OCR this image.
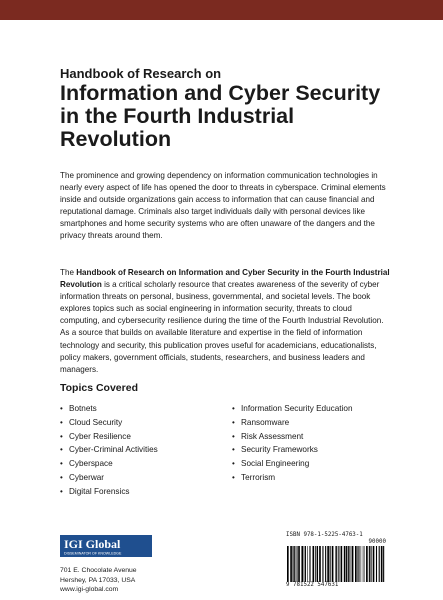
Handbook of Research on
Information and Cyber Security in the Fourth Industrial Revolution
The prominence and growing dependency on information communication technologies in nearly every aspect of life has opened the door to threats in cyberspace. Criminal elements inside and outside organizations gain access to information that can cause financial and reputational damage. Criminals also target individuals daily with personal devices like smartphones and home security systems who are often unaware of the dangers and the privacy threats around them.
The Handbook of Research on Information and Cyber Security in the Fourth Industrial Revolution is a critical scholarly resource that creates awareness of the severity of cyber information threats on personal, business, governmental, and societal levels. The book explores topics such as social engineering in information security, threats to cloud computing, and cybersecurity resilience during the time of the Fourth Industrial Revolution. As a source that builds on available literature and expertise in the field of information technology and security, this publication proves useful for academicians, educationalists, policy makers, government officials, students, researchers, and business leaders and managers.
Topics Covered
• Botnets
• Cloud Security
• Cyber Resilience
• Cyber-Criminal Activities
• Cyberspace
• Cyberwar
• Digital Forensics
• Information Security Education
• Ransomware
• Risk Assessment
• Security Frameworks
• Social Engineering
• Terrorism
IGI Global
DISSEMINATOR OF KNOWLEDGE
701 E. Chocolate Avenue
Hershey, PA 17033, USA
www.igi-global.com
ISBN 978-1-5225-4763-1
90000
9 781522 547631
